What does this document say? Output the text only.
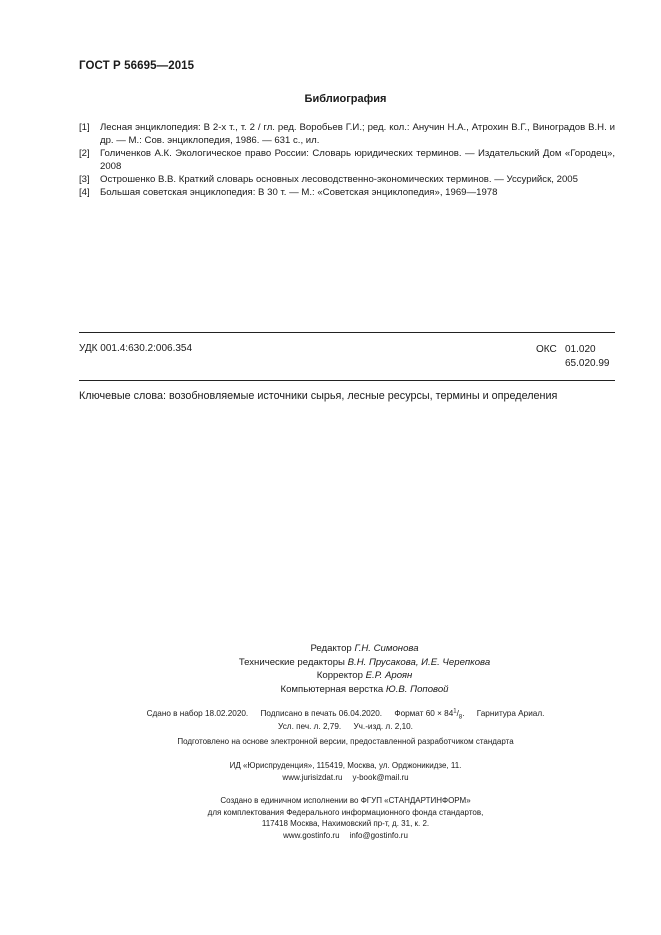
ГОСТ Р 56695—2015
Библиография
[1]	Лесная энциклопедия: В 2-х т., т. 2 / гл. ред. Воробьев Г.И.; ред. кол.: Анучин Н.А., Атрохин В.Г., Виноградов В.Н. и др. — М.: Сов. энциклопедия, 1986. — 631 с., ил.
[2]	Голиченков А.К. Экологическое право России: Словарь юридических терминов. — Издательский Дом «Городец», 2008
[3]	Острошенко В.В. Краткий словарь основных лесоводственно-экономических терминов. — Уссурийск, 2005
[4]	Большая советская энциклопедия: В 30 т. — М.: «Советская энциклопедия», 1969—1978
УДК 001.4:630.2:006.354	ОКС 01.020
65.020.99
Ключевые слова: возобновляемые источники сырья, лесные ресурсы, термины и определения
Редактор Г.Н. Симонова
Технические редакторы В.Н. Прусакова, И.Е. Черепкова
Корректор Е.Р. Ароян
Компьютерная верстка Ю.В. Поповой
Сдано в набор 18.02.2020. Подписано в печать 06.04.2020. Формат $60 \times 84^1/_8$. Гарнитура Ариал.
Усл. печ. л. 2,79. Уч.-изд. л. 2,10.
Подготовлено на основе электронной версии, предоставленной разработчиком стандарта
ИД «Юриспруденция», 115419, Москва, ул. Орджоникидзе, 11.
www.jurisizdat.ru y-book@mail.ru
Создано в единичном исполнении во ФГУП «СТАНДАРТИНФОРМ»
для комплектования Федерального информационного фонда стандартов,
117418 Москва, Нахимовский пр-т, д. 31, к. 2.
www.gostinfo.ru info@gostinfo.ru
